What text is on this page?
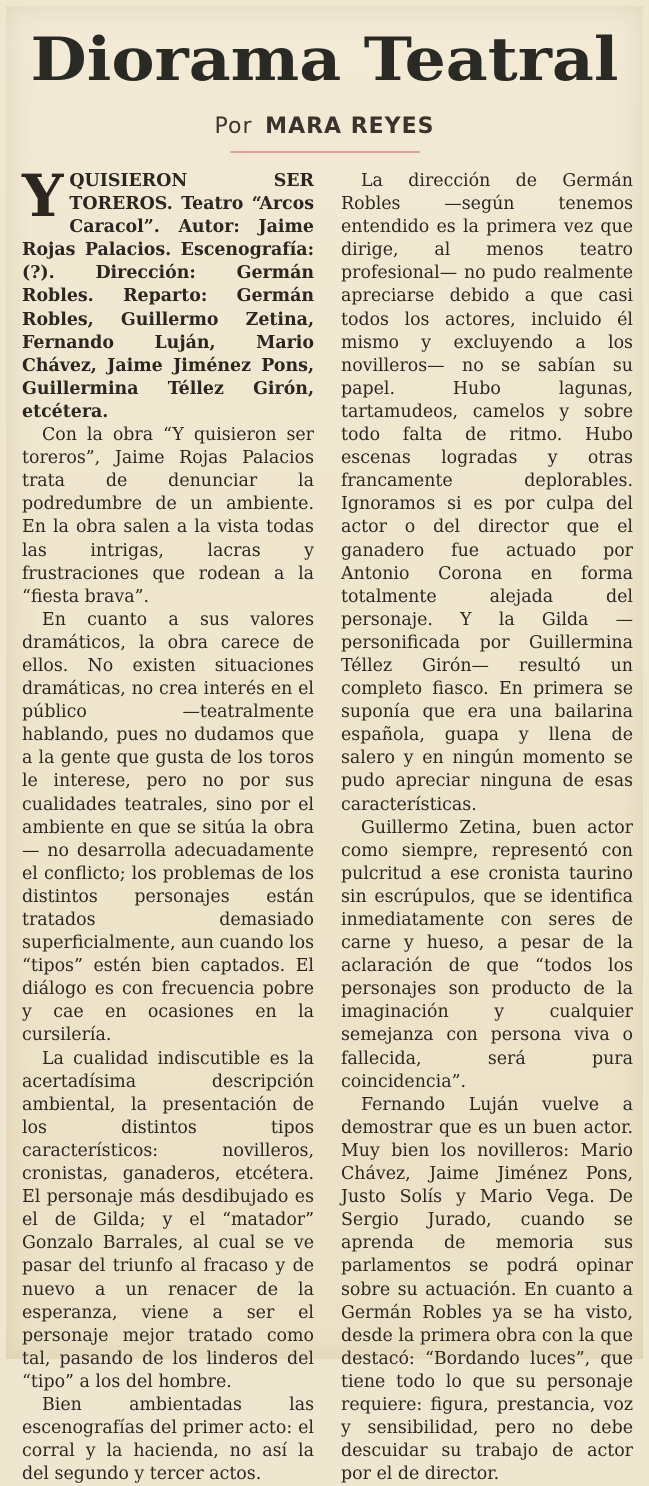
Diorama Teatral
Por MARA REYES

Y QUISIERON SER TOREROS. Teatro “Arcos Caracol”. Autor: Jaime Rojas Palacios. Escenografía: (?). Dirección: Germán Robles. Reparto: Germán Robles, Guillermo Zetina, Fernando Luján, Mario Chávez, Jaime Jiménez Pons, Guillermina Téllez Girón, etcétera.

Con la obra “Y quisieron ser toreros”, Jaime Rojas Palacios trata de denunciar la podredumbre de un ambiente. En la obra salen a la vista todas las intrigas, lacras y frustraciones que rodean a la “fiesta brava”.

En cuanto a sus valores dramáticos, la obra carece de ellos. No existen situaciones dramáticas, no crea interés en el público —teatralmente hablando, pues no dudamos que a la gente que gusta de los toros le interese, pero no por sus cualidades teatrales, sino por el ambiente en que se sitúa la obra— no desarrolla adecuadamente el conflicto; los problemas de los distintos personajes están tratados demasiado superficialmente, aun cuando los “tipos” estén bien captados. El diálogo es con frecuencia pobre y cae en ocasiones en la cursilería.

La cualidad indiscutible es la acertadísima descripción ambiental, la presentación de los distintos tipos característicos: novilleros, cronistas, ganaderos, etcétera. El personaje más desdibujado es el de Gilda; y el “matador” Gonzalo Barrales, al cual se ve pasar del triunfo al fracaso y de nuevo a un renacer de la esperanza, viene a ser el personaje mejor tratado como tal, pasando de los linderos del “tipo” a los del hombre.

Bien ambientadas las escenografías del primer acto: el corral y la hacienda, no así la del segundo y tercer actos.

La dirección de Germán Robles —según tenemos entendido es la primera vez que dirige, al menos teatro profesional— no pudo realmente apreciarse debido a que casi todos los actores, incluido él mismo y excluyendo a los novilleros— no se sabían su papel. Hubo lagunas, tartamudeos, camelos y sobre todo falta de ritmo. Hubo escenas logradas y otras francamente deplorables. Ignoramos si es por culpa del actor o del director que el ganadero fue actuado por Antonio Corona en forma totalmente alejada del personaje. Y la Gilda —personificada por Guillermina Téllez Girón— resultó un completo fiasco. En primera se suponía que era una bailarina española, guapa y llena de salero y en ningún momento se pudo apreciar ninguna de esas características.

Guillermo Zetina, buen actor como siempre, representó con pulcritud a ese cronista taurino sin escrúpulos, que se identifica inmediatamente con seres de carne y hueso, a pesar de la aclaración de que “todos los personajes son producto de la imaginación y cualquier semejanza con persona viva o fallecida, será pura coincidencia”.

Fernando Luján vuelve a demostrar que es un buen actor. Muy bien los novilleros: Mario Chávez, Jaime Jiménez Pons, Justo Solís y Mario Vega. De Sergio Jurado, cuando se aprenda de memoria sus parlamentos se podrá opinar sobre su actuación. En cuanto a Germán Robles ya se ha visto, desde la primera obra con la que destacó: “Bordando luces”, que tiene todo lo que su personaje requiere: figura, prestancia, voz y sensibilidad, pero no debe descuidar su trabajo de actor por el de director.
